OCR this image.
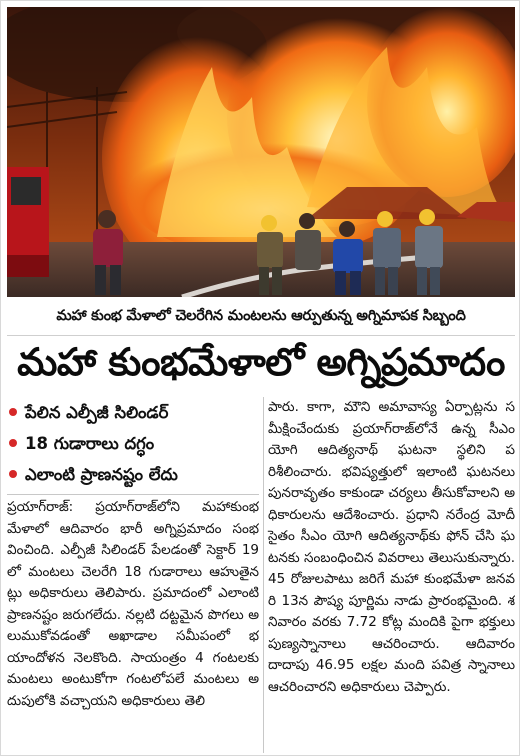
మహా కుంభ మేళాలో చెలరేగిన మంటలను ఆర్పుతున్న అగ్నిమాపక సిబ్బంది
మహా కుంభమేళాలో అగ్నిప్రమాదం
పేలిన ఎల్పీజీ సిలిండర్
18 గుడారాలు దగ్ధం
ఎలాంటి ప్రాణనష్టం లేదు

ప్రయాగ్‌రాజ్‌: ప్రయాగ్‌రాజ్‌లోని మహాకుంభమేళాలో ఆదివారం భారీ అగ్నిప్రమాదం సంభవించింది. ఎల్పీజీ సిలిండర్ పేలడంతో సెక్టార్ 19లో మంటలు చెలరేగి 18 గుడారాలు ఆహుతైనట్లు అధికారులు తెలిపారు. ప్రమాదంలో ఎలాంటి ప్రాణనష్టం జరుగలేదు. నల్లటి దట్టమైన పొగలు అలుముకోవడంతో అఖాడాల సమీపంలో భయాందోళన నెలకొంది. సాయంత్రం 4 గంటలకు మంటలు అంటుకోగా గంటలోపలే మంటలు అదుపులోకి వచ్చాయని అధికారులు తెలి

పారు. కాగా, మౌని అమావాస్య ఏర్పాట్లను సమీక్షించేందుకు ప్రయాగ్‌రాజ్‌లోనే ఉన్న సీఎం యోగి ఆదిత్యనాథ్ ఘటనా స్థలిని పరిశీలించారు. భవిష్యత్తులో ఇలాంటి ఘటనలు పునరావృతం కాకుండా చర్యలు తీసుకోవాలని అధికారులను ఆదేశించారు. ప్రధాని నరేంద్ర మోదీ సైతం సీఎం యోగి ఆదిత్యనాథ్‌కు ఫోన్ చేసి ఘటనకు సంబంధించిన వివరాలు తెలుసుకున్నారు. 45 రోజులపాటు జరిగే మహా కుంభమేళా జనవరి 13న పౌష్య పూర్ణిమ నాడు ప్రారంభమైంది. శనివారం వరకు 7.72 కోట్ల మందికి పైగా భక్తులు పుణ్యస్నానాలు ఆచరించారు. ఆదివారం దాదాపు 46.95 లక్షల మంది పవిత్ర స్నానాలు ఆచరించారని అధికారులు చెప్పారు.
